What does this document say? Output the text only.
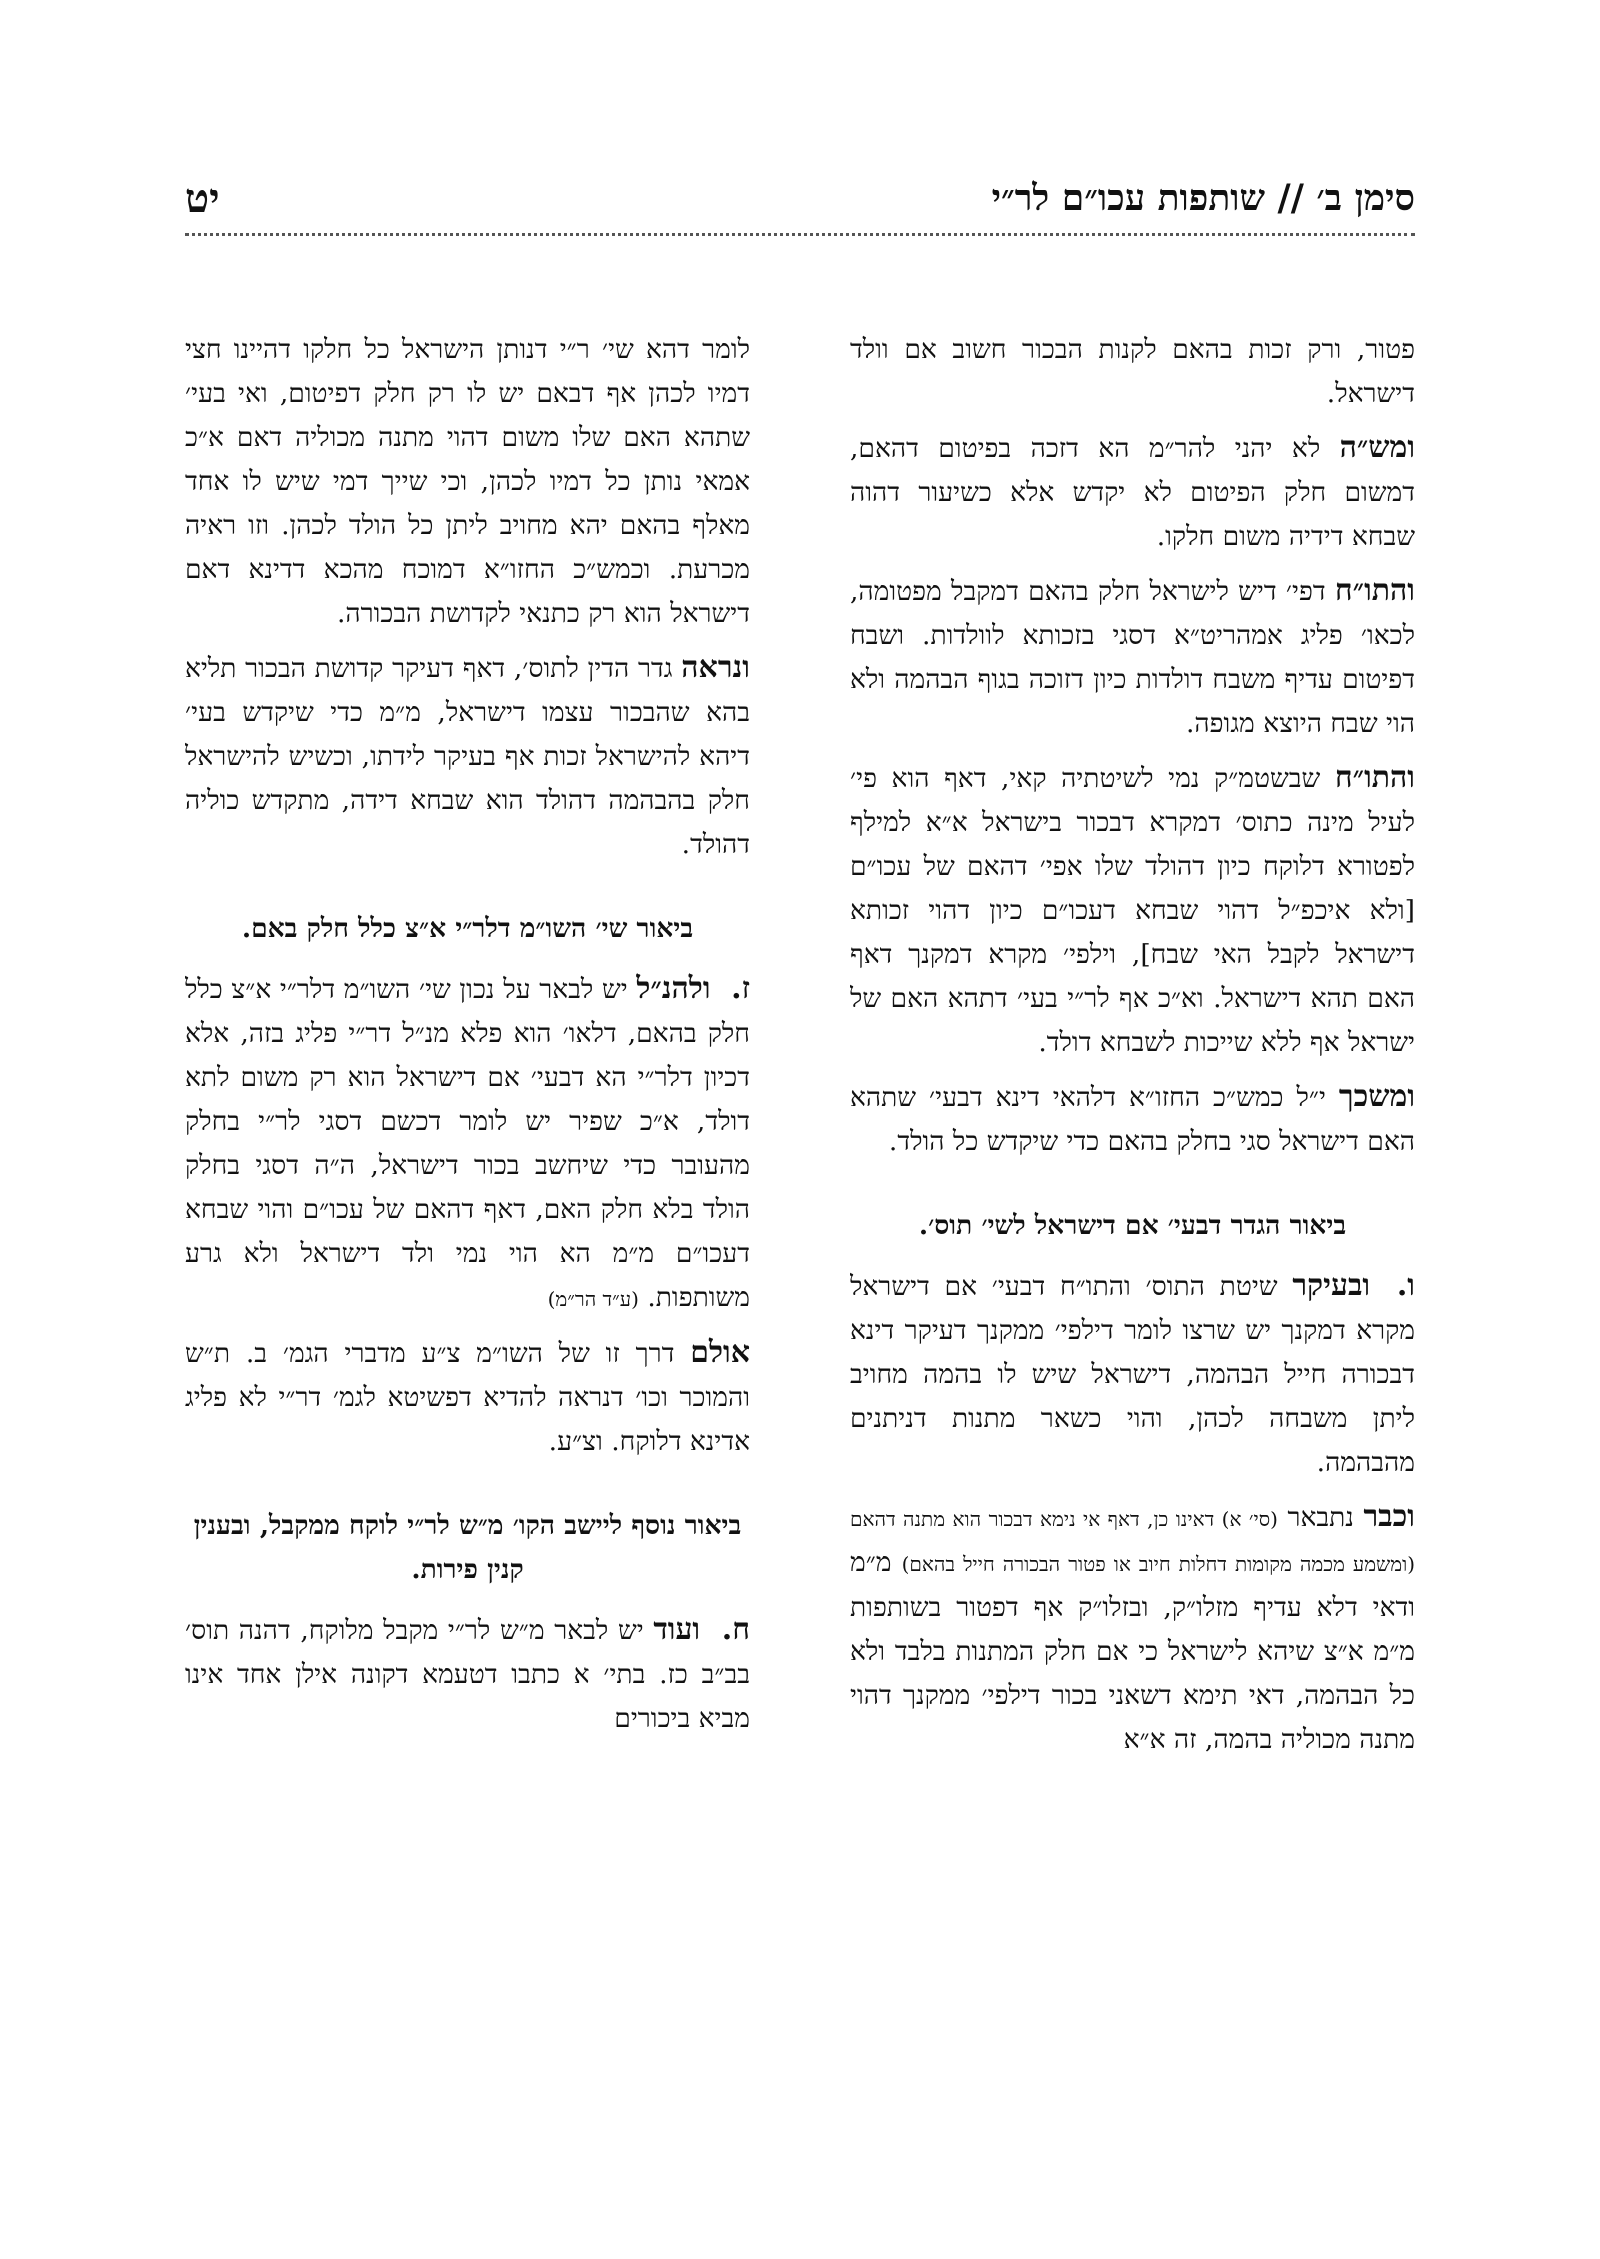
סימן ב׳ // שותפות עכו״ם לר״י
יט

פטור, ורק זכות בהאם לקנות הבכור חשוב אם וולד דישראל.

ומש״ה לא יהני להר״מ הא דזכה בפיטום דהאם, דמשום חלק הפיטום לא יקדש אלא כשיעור דהוה שבחא דידיה משום חלקו.

והתו״ח דפי׳ דיש לישראל חלק בהאם דמקבל מפטומה, לכאו׳ פליג אמהריט״א דסגי בזכותא לוולדות. ושבח דפיטום עדיף משבח דולדות כיון דזוכה בגוף הבהמה ולא הוי שבח היוצא מגופה.

והתו״ח שבשטמ״ק נמי לשיטתיה קאי, דאף הוא פי׳ לעיל מינה כתוס׳ דמקרא דבכור בישראל א״א למילף לפטורא דלוקח כיון דהולד שלו אפי׳ דהאם של עכו״ם [ולא איכפ״ל דהוי שבחא דעכו״ם כיון דהוי זכותא דישראל לקבל האי שבח], וילפי׳ מקרא דמקנך דאף האם תהא דישראל. וא״כ אף לר״י בעי׳ דתהא האם של ישראל אף ללא שייכות לשבחא דולד.

ומשכך י״ל כמש״כ החזו״א דלהאי דינא דבעי׳ שתהא האם דישראל סגי בחלק בהאם כדי שיקדש כל הולד.

ביאור הגדר דבעי׳ אם דישראל לשי׳ תוס׳.

ו. ובעיקר שיטת התוס׳ והתו״ח דבעי׳ אם דישראל מקרא דמקנך יש שרצו לומר דילפי׳ ממקנך דעיקר דינא דבכורה חייל הבהמה, דישראל שיש לו בהמה מחויב ליתן משבחה לכהן, והוי כשאר מתנות דניתנים מהבהמה.

וכבר נתבאר (סי׳ א) דאינו כן, דאף אי נימא דבכור הוא מתנה דהאם (ומשמע מכמה מקומות דחלות חיוב או פטור הבכורה חייל בהאם) מ״מ ודאי דלא עדיף מזלו״ק, ובזלו״ק אף דפטור בשותפות מ״מ א״צ שיהא לישראל כי אם חלק המתנות בלבד ולא כל הבהמה, דאי תימא דשאני בכור דילפי׳ ממקנך דהוי מתנה מכוליה בהמה, זה א״א

לומר דהא שי׳ ר״י דנותן הישראל כל חלקו דהיינו חצי דמיו לכהן אף דבאם יש לו רק חלק דפיטום, ואי בעי׳ שתהא האם שלו משום דהוי מתנה מכוליה דאם א״כ אמאי נותן כל דמיו לכהן, וכי שייך דמי שיש לו אחד מאלף בהאם יהא מחויב ליתן כל הולד לכהן. וזו ראיה מכרעת. וכמש״כ החזו״א דמוכח מהכא דדינא דאם דישראל הוא רק כתנאי לקדושת הבכורה.

ונראה גדר הדין לתוס׳, דאף דעיקר קדושת הבכור תליא בהא שהבכור עצמו דישראל, מ״מ כדי שיקדש בעי׳ דיהא להישראל זכות אף בעיקר לידתו, וכשיש להישראל חלק בהבהמה דהולד הוא שבחא דידה, מתקדש כוליה דהולד.

ביאור שי׳ השו״מ דלר״י א״צ כלל חלק באם.

ז. ולהנ״ל יש לבאר על נכון שי׳ השו״מ דלר״י א״צ כלל חלק בהאם, דלאו׳ הוא פלא מנ״ל דר״י פליג בזה, אלא דכיון דלר״י הא דבעי׳ אם דישראל הוא רק משום לתא דולד, א״כ שפיר יש לומר דכשם דסגי לר״י בחלק מהעובר כדי שיחשב בכור דישראל, ה״ה דסגי בחלק הולד בלא חלק האם, דאף דהאם של עכו״ם והוי שבחא דעכו״ם מ״מ הא הוי נמי ולד דישראל ולא גרע משותפות. (ע״ד הר״מ)

אולם דרך זו של השו״מ צ״ע מדברי הגמ׳ ב. ת״ש והמוכר וכו׳ דנראה להדיא דפשיטא לגמ׳ דר״י לא פליג אדינא דלוקח. וצ״ע.

ביאור נוסף ליישב הקו׳ מ״ש לר״י לוקח ממקבל, ובענין קנין פירות.

ח. ועוד יש לבאר מ״ש לר״י מקבל מלוקח, דהנה תוס׳ בב״ב כז. בתי׳ א כתבו דטעמא דקונה אילן אחד אינו מביא ביכורים
